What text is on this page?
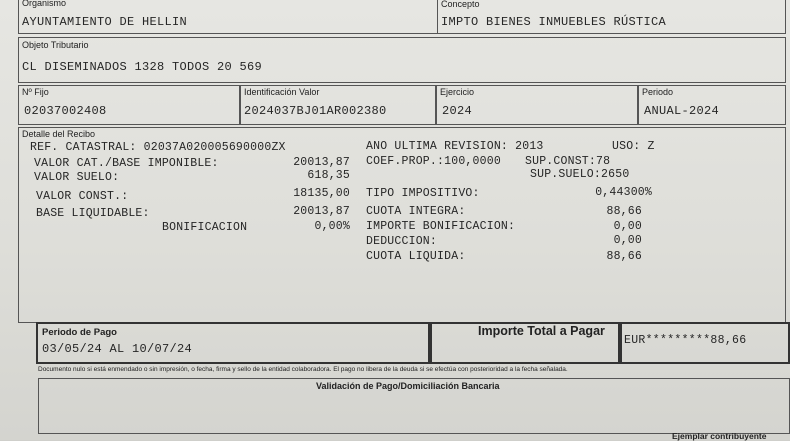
Organismo
AYUNTAMIENTO DE HELLIN
Concepto
IMPTO BIENES INMUEBLES RÚSTICA
Objeto Tributario
CL DISEMINADOS 1328 TODOS 20 569
Nº Fijo
02037002408
Identificación Valor
2024037BJ01AR002380
Ejercicio
2024
Periodo
ANUAL-2024
Detalle del Recibo
REF. CATASTRAL: 02037A020005690000ZX	ANO ULTIMA REVISION: 2013	USO: Z
VALOR CAT./BASE IMPONIBLE:	20013,87 COEF.PROP.:100,0000 SUP.CONST:78
VALOR SUELO:	618,35	SUP.SUELO:2650
VALOR CONST.:	18135,00 TIPO IMPOSITIVO:	0,44300%
BASE LIQUIDABLE:	20013,87 CUOTA INTEGRA:	88,66
BONIFICACION	0,00% IMPORTE BONIFICACION:	0,00
DEDUCCION:	0,00
CUOTA LIQUIDA:	88,66
Periodo de Pago
03/05/24 AL 10/07/24
Importe Total a Pagar
EUR*********88,66
Documento nulo si está enmendado o sin impresión, o fecha, firma y sello de la entidad colaboradora. El pago no libera de la deuda si se efectúa con posterioridad a la fecha señalada.
Validación de Pago/Domiciliación Bancaria
Ejemplar contribuyente
